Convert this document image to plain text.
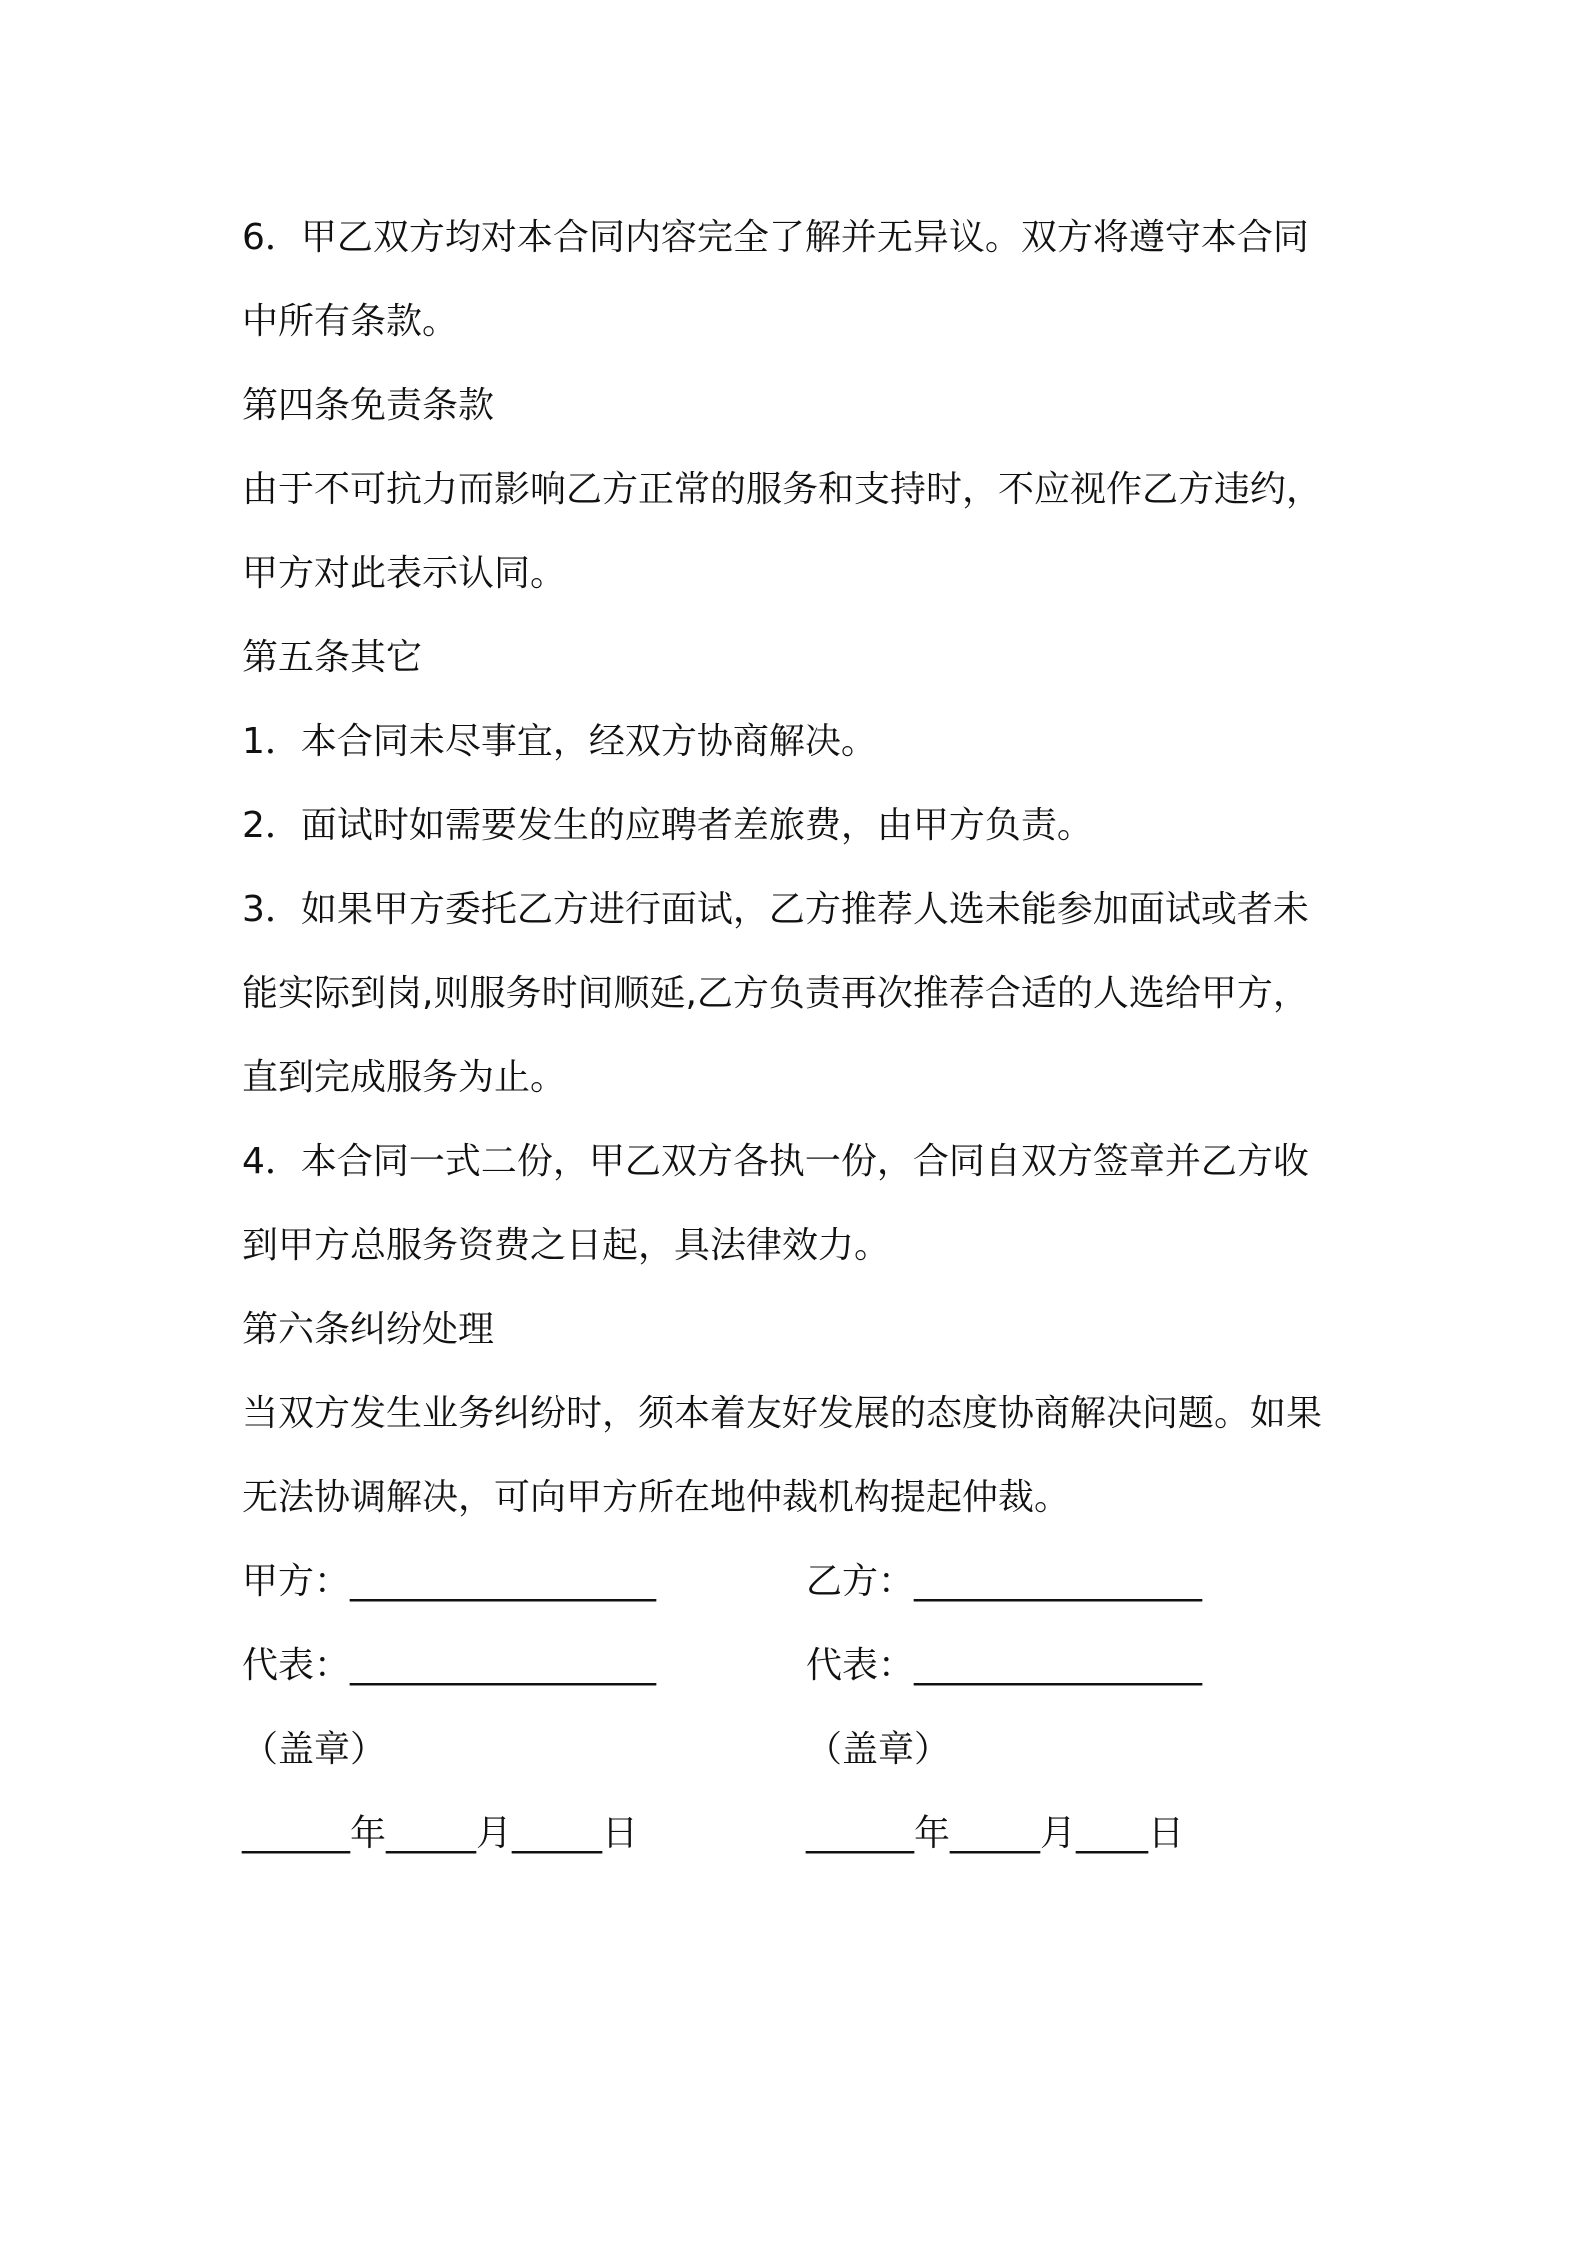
6．甲乙双方均对本合同内容完全了解并无异议。双方将遵守本合同
中所有条款。
第四条免责条款
由于不可抗力而影响乙方正常的服务和支持时，不应视作乙方违约，
甲方对此表示认同。
第五条其它
1．本合同未尽事宜，经双方协商解决。
2．面试时如需要发生的应聘者差旅费，由甲方负责。
3．如果甲方委托乙方进行面试，乙方推荐人选未能参加面试或者未
能实际到岗,则服务时间顺延,乙方负责再次推荐合适的人选给甲方，
直到完成服务为止。
4．本合同一式二份，甲乙双方各执一份，合同自双方签章并乙方收
到甲方总服务资费之日起，具法律效力。
第六条纠纷处理
当双方发生业务纠纷时，须本着友好发展的态度协商解决问题。如果
无法协调解决，可向甲方所在地仲裁机构提起仲裁。
甲方：_________________	乙方：________________
代表：_________________	代表：________________
（盖章）	（盖章）
______年_____月_____日	______年_____月____日
